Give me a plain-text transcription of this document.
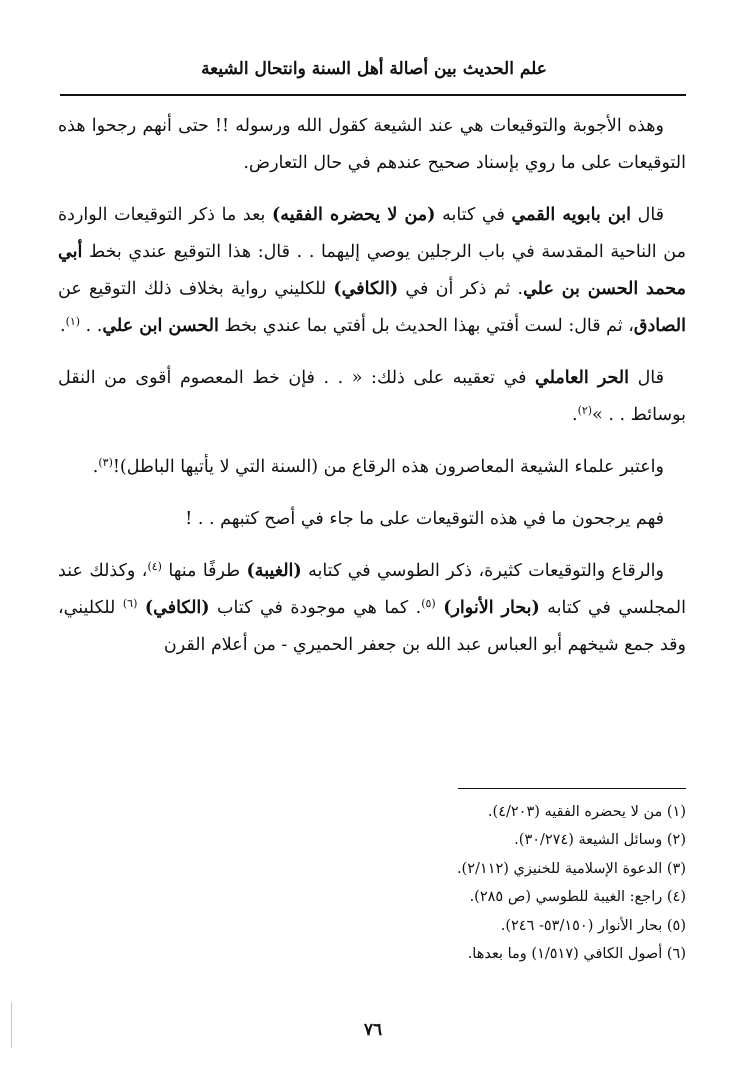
علم الحديث بين أصالة أهل السنة وانتحال الشيعة

وهذه الأجوبة والتوقيعات هي عند الشيعة كقول الله ورسوله !! حتى أنهم رجحوا هذه التوقيعات على ما روي بإسناد صحيح عندهم في حال التعارض.

قال ابن بابويه القمي في كتابه (من لا يحضره الفقيه) بعد ما ذكر التوقيعات الواردة من الناحية المقدسة في باب الرجلين يوصي إليهما . . قال: هذا التوقيع عندي بخط أبي محمد الحسن بن علي. ثم ذكر أن في (الكافي) للكليني رواية بخلاف ذلك التوقيع عن الصادق، ثم قال: لست أفتي بهذا الحديث بل أفتي بما عندي بخط الحسن ابن علي. . $^{(١)}$.

قال الحر العاملي في تعقيبه على ذلك: « . . فإن خط المعصوم أقوى من النقل بوسائط . . »$^{(٢)}$.

واعتبر علماء الشيعة المعاصرون هذه الرقاع من (السنة التي لا يأتيها الباطل)!$^{(٣)}$.

فهم يرجحون ما في هذه التوقيعات على ما جاء في أصح كتبهم . . !

والرقاع والتوقيعات كثيرة، ذكر الطوسي في كتابه (الغيبة) طرفًا منها $^{(٤)}$، وكذلك عند المجلسي في كتابه (بحار الأنوار) $^{(٥)}$. كما هي موجودة في كتاب (الكافي) $^{(٦)}$ للكليني، وقد جمع شيخهم أبو العباس عبد الله بن جعفر الحميري - من أعلام القرن

(١) من لا يحضره الفقيه (٤/٢٠٣).

(٢) وسائل الشيعة (٣٠/٢٧٤).

(٣) الدعوة الإسلامية للخنيزي (٢/١١٢).

(٤) راجع: الغيبة للطوسي (ص ٢٨٥).

(٥) بحار الأنوار (٥٣/١٥٠- ٢٤٦).

(٦) أصول الكافي (١/٥١٧) وما بعدها.

٧٦
